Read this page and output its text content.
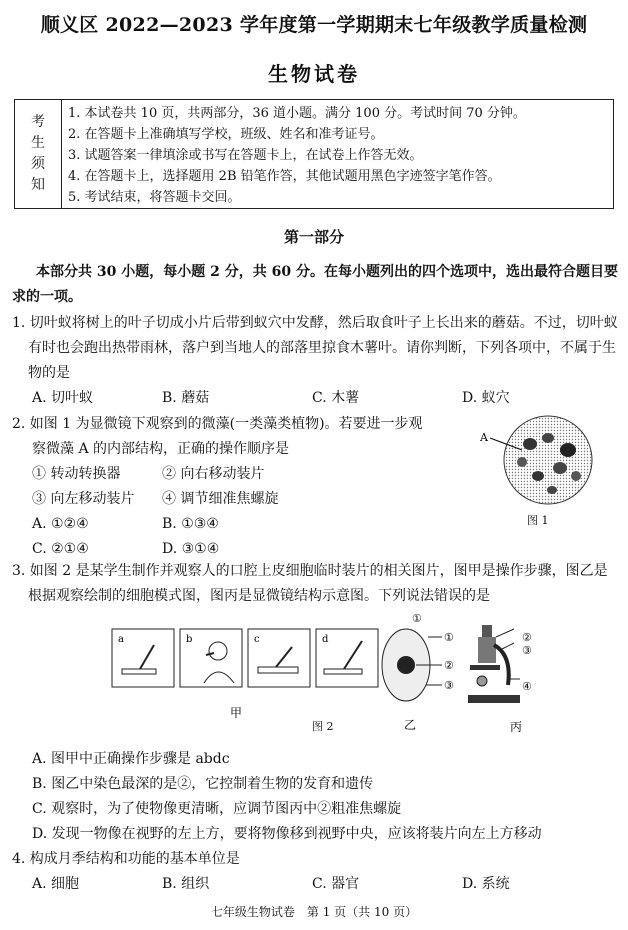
顺义区 2022—2023 学年度第一学期期末七年级教学质量检测
生物试卷
考
生
须
知
1. 本试卷共 10 页，共两部分，36 道小题。满分 100 分。考试时间 70 分钟。
2. 在答题卡上准确填写学校，班级、姓名和准考证号。
3. 试题答案一律填涂或书写在答题卡上，在试卷上作答无效。
4. 在答题卡上，选择题用 2B 铅笔作答，其他试题用黑色字迹签字笔作答。
5. 考试结束，将答题卡交回。
第一部分
本部分共 30 小题，每小题 2 分，共 60 分。在每小题列出的四个选项中，选出最符合题目要求的一项。
1. 切叶蚁将树上的叶子切成小片后带到蚁穴中发酵，然后取食叶子上长出来的蘑菇。不过，切叶蚁有时也会跑出热带雨林，落户到当地人的部落里掠食木薯叶。请你判断，下列各项中，不属于生物的是
A. 切叶蚁	B. 蘑菇	C. 木薯	D. 蚁穴
2. 如图 1 为显微镜下观察到的微藻(一类藻类植物)。若要进一步观
察微藻 A 的内部结构，正确的操作顺序是
① 转动转换器	② 向右移动装片
③ 向左移动装片	④ 调节细准焦螺旋
A. ①②④	B. ①③④
C. ②①④	D. ③①④
A
图 1
3. 如图 2 是某学生制作并观察人的口腔上皮细胞临时装片的相关图片，图甲是操作步骤，图乙是根据观察绘制的细胞模式图，图丙是显微镜结构示意图。下列说法错误的是
a	b	c	d
甲
①
②
③
乙	丙
①
②
③
④
图 2
A. 图甲中正确操作步骤是 abdc
B. 图乙中染色最深的是②，它控制着生物的发育和遗传
C. 观察时，为了使物像更清晰，应调节图丙中②粗准焦螺旋
D. 发现一物像在视野的左上方，要将物像移到视野中央，应该将装片向左上方移动
4. 构成月季结构和功能的基本单位是
A. 细胞	B. 组织	C. 器官	D. 系统
七年级生物试卷　第 1 页（共 10 页）
